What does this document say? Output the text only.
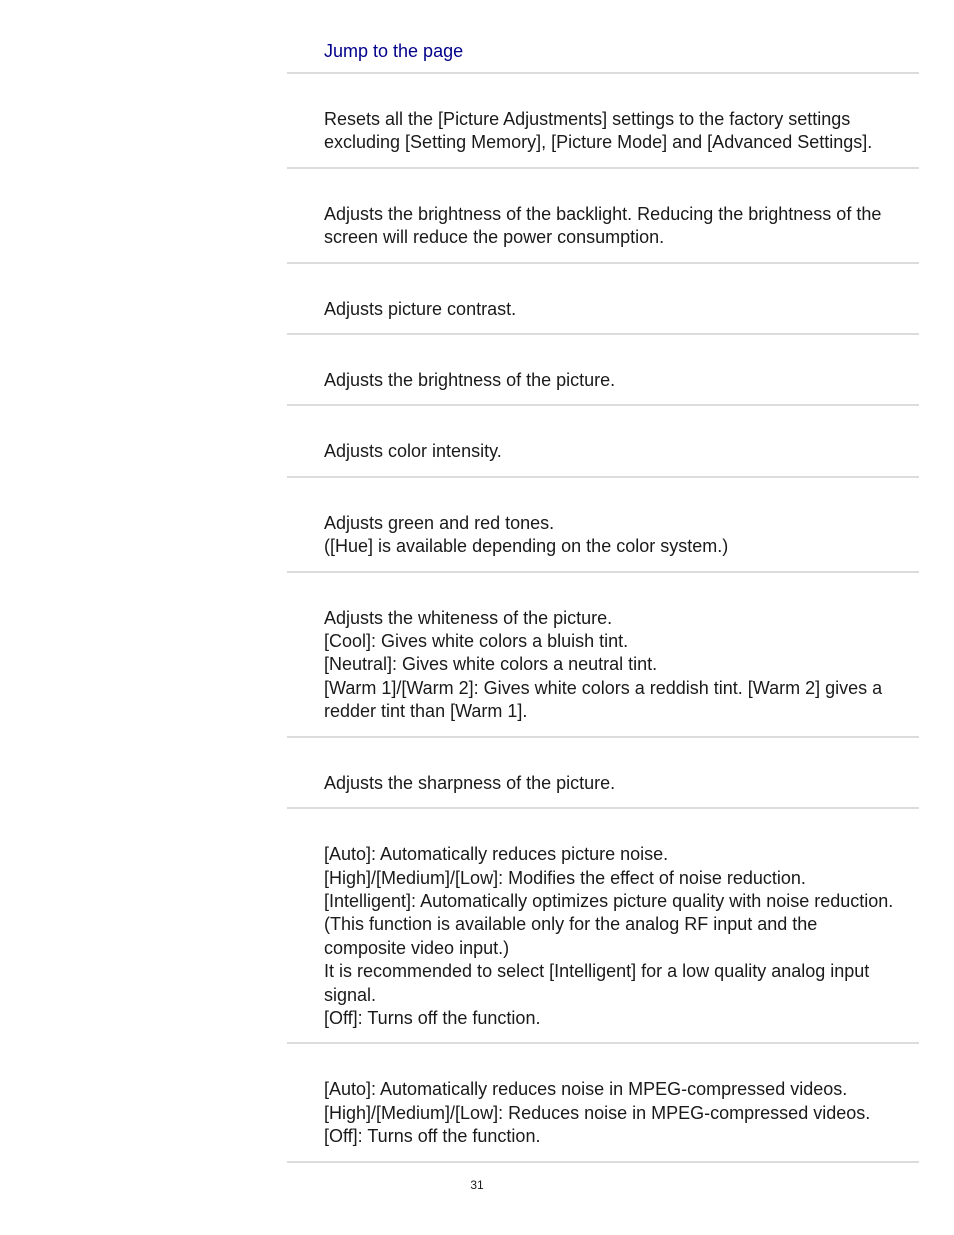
Jump to the page
Resets all the [Picture Adjustments] settings to the factory settings
excluding [Setting Memory], [Picture Mode] and [Advanced Settings].
Adjusts the brightness of the backlight. Reducing the brightness of the
screen will reduce the power consumption.
Adjusts picture contrast.
Adjusts the brightness of the picture.
Adjusts color intensity.
Adjusts green and red tones.
([Hue] is available depending on the color system.)
Adjusts the whiteness of the picture.
[Cool]: Gives white colors a bluish tint.
[Neutral]: Gives white colors a neutral tint.
[Warm 1]/[Warm 2]: Gives white colors a reddish tint. [Warm 2] gives a
redder tint than [Warm 1].
Adjusts the sharpness of the picture.
[Auto]: Automatically reduces picture noise.
[High]/[Medium]/[Low]: Modifies the effect of noise reduction.
[Intelligent]: Automatically optimizes picture quality with noise reduction.
(This function is available only for the analog RF input and the
composite video input.)
It is recommended to select [Intelligent] for a low quality analog input
signal.
[Off]: Turns off the function.
[Auto]: Automatically reduces noise in MPEG-compressed videos.
[High]/[Medium]/[Low]: Reduces noise in MPEG-compressed videos.
[Off]: Turns off the function.
31
